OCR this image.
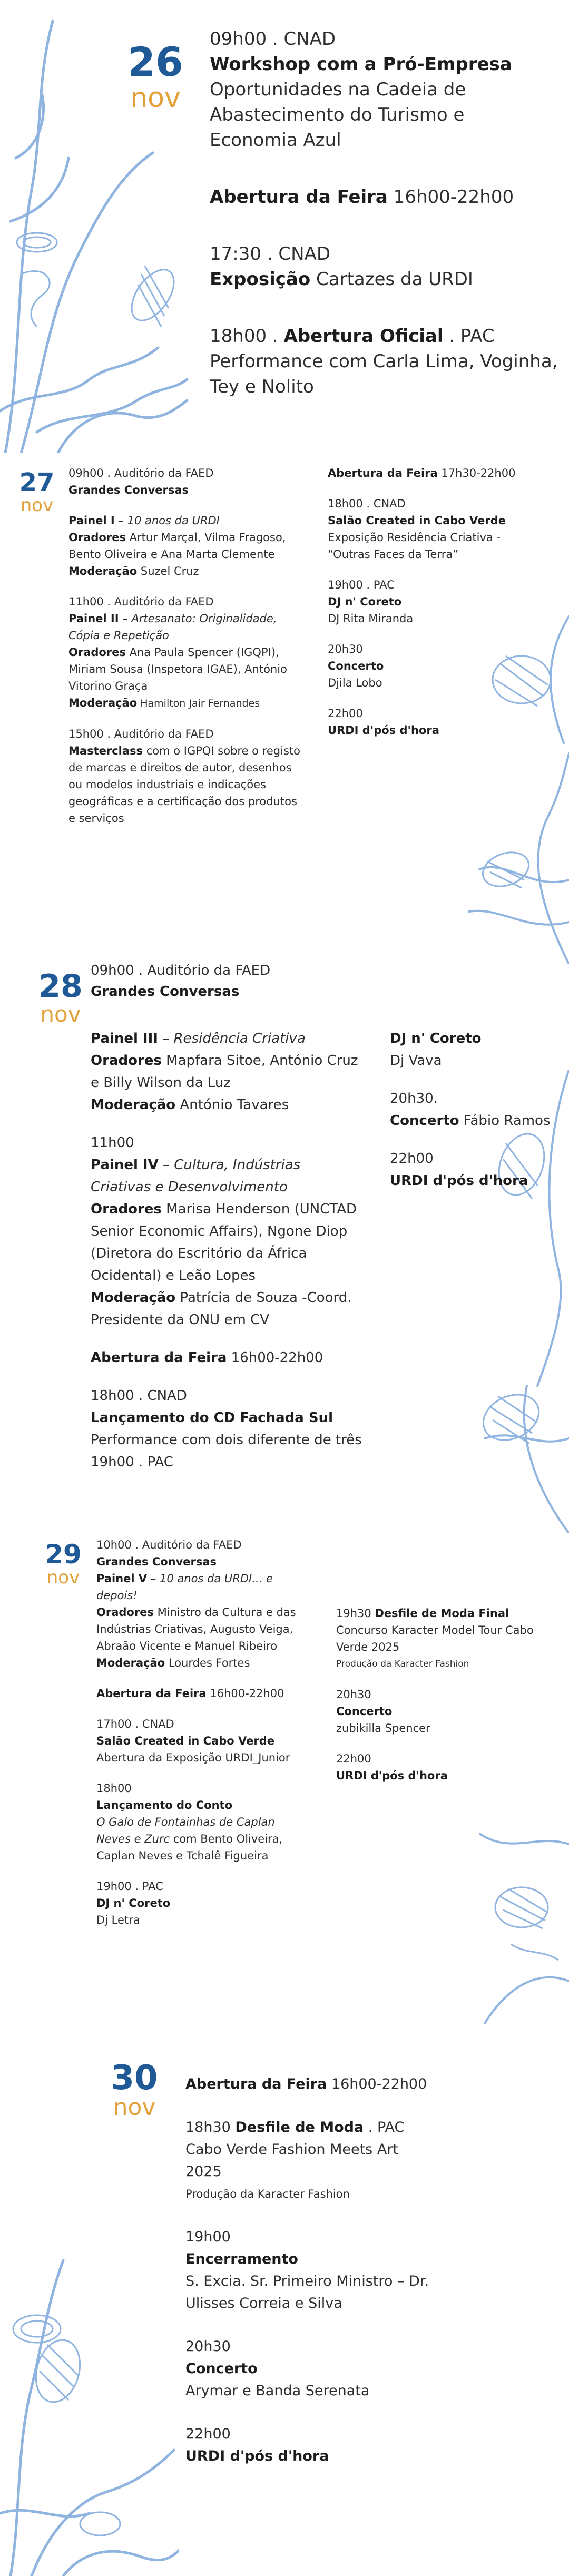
26
nov

09h00 . CNAD

Workshop com a Pró-Empresa

Oportunidades na Cadeia de Abastecimento do Turismo e Economia Azul

Abertura da Feira 16h00-22h00

17:30 . CNAD

Exposição Cartazes da URDI

18h00 . Abertura Oficial . PAC

Performance com Carla Lima, Voginha, Tey e Nolito

27
nov

09h00 . Auditório da FAED

Grandes Conversas

Painel I – 10 anos da URDI

Oradores Artur Marçal, Vilma Fragoso, Bento Oliveira e Ana Marta Clemente

Moderação Suzel Cruz

11h00 . Auditório da FAED

Painel II – Artesanato: Originalidade, Cópia e Repetição

Oradores Ana Paula Spencer (IGQPI), Miriam Sousa (Inspetora IGAE), António Vitorino Graça

Moderação Hamilton Jair Fernandes

15h00 . Auditório da FAED

Masterclass com o IGPQI sobre o registo de marcas e direitos de autor, desenhos ou modelos industriais e indicações geográficas e a certificação dos produtos e serviços

Abertura da Feira 17h30-22h00

18h00 . CNAD

Salão Created in Cabo Verde

Exposição Residência Criativa - “Outras Faces da Terra”

19h00 . PAC

DJ n' Coreto

DJ Rita Miranda

20h30

Concerto

Djila Lobo

22h00

URDI d'pós d'hora

28
nov

09h00 . Auditório da FAED

Grandes Conversas

Painel III – Residência Criativa

Oradores Mapfara Sitoe, António Cruz e Billy Wilson da Luz

Moderação António Tavares

11h00

Painel IV – Cultura, Indústrias Criativas e Desenvolvimento

Oradores Marisa Henderson (UNCTAD Senior Economic Affairs), Ngone Diop (Diretora do Escritório da África Ocidental) e Leão Lopes

Moderação Patrícia de Souza -Coord. Presidente da ONU em CV

Abertura da Feira 16h00-22h00

18h00 . CNAD

Lançamento do CD Fachada Sul

Performance com dois diferente de três

19h00 . PAC

DJ n' Coreto

Dj Vava

20h30.

Concerto Fábio Ramos

22h00

URDI d'pós d'hora

29
nov

10h00 . Auditório da FAED

Grandes Conversas

Painel V – 10 anos da URDI... e depois!

Oradores Ministro da Cultura e das Indústrias Criativas, Augusto Veiga, Abraão Vicente e Manuel Ribeiro

Moderação Lourdes Fortes

Abertura da Feira 16h00-22h00

17h00 . CNAD

Salão Created in Cabo Verde

Abertura da Exposição URDI_Junior

18h00

Lançamento do Conto

O Galo de Fontainhas de Caplan Neves e Zurc com Bento Oliveira, Caplan Neves e Tchalê Figueira

19h00 . PAC

DJ n' Coreto

Dj Letra

19h30 Desfile de Moda Final

Concurso Karacter Model Tour Cabo Verde 2025

Produção da Karacter Fashion

20h30

Concerto

zubikilla Spencer

22h00

URDI d'pós d'hora

30
nov

Abertura da Feira 16h00-22h00

18h30 Desfile de Moda . PAC

Cabo Verde Fashion Meets Art 2025

Produção da Karacter Fashion

19h00

Encerramento

S. Excia. Sr. Primeiro Ministro – Dr. Ulisses Correia e Silva

20h30

Concerto

Arymar e Banda Serenata

22h00

URDI d'pós d'hora
